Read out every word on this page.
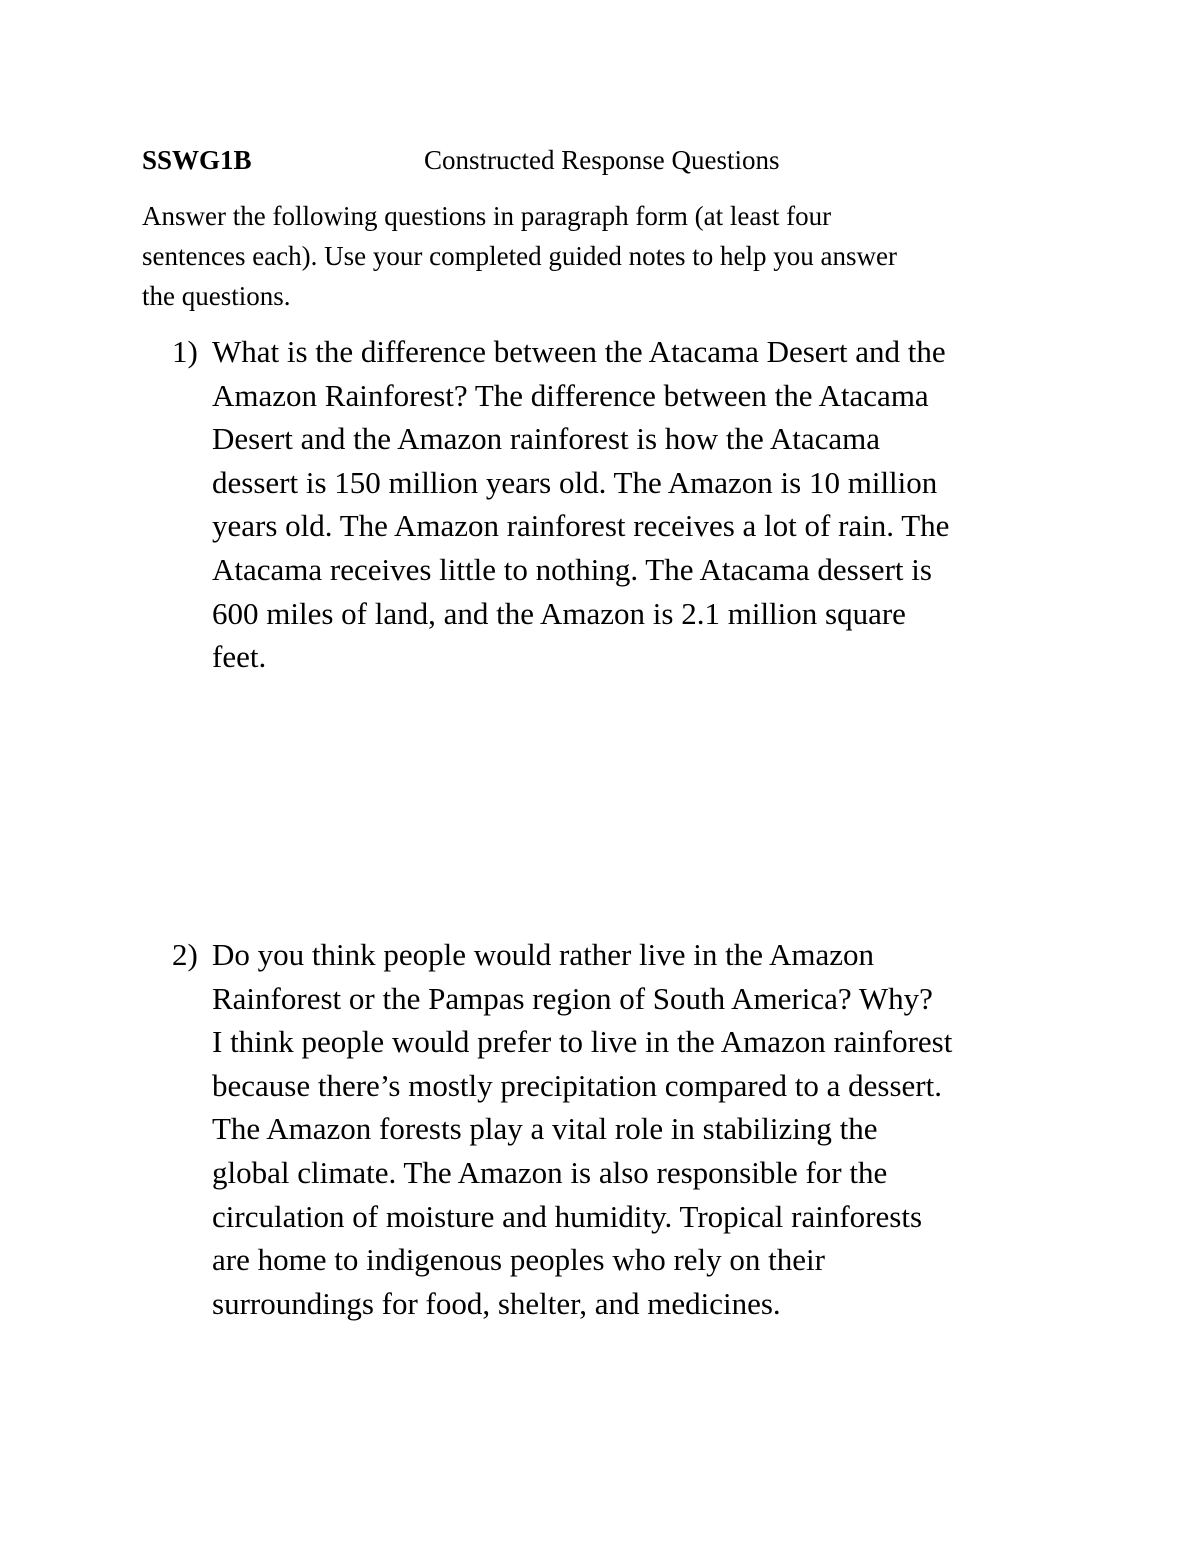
SSWG1B	Constructed Response Questions
Answer the following questions in paragraph form (at least four
sentences each). Use your completed guided notes to help you answer
the questions.
1) What is the difference between the Atacama Desert and the
Amazon Rainforest? The difference between the Atacama
Desert and the Amazon rainforest is how the Atacama
dessert is 150 million years old. The Amazon is 10 million
years old. The Amazon rainforest receives a lot of rain. The
Atacama receives little to nothing. The Atacama dessert is
600 miles of land, and the Amazon is 2.1 million square
feet.
2) Do you think people would rather live in the Amazon
Rainforest or the Pampas region of South America? Why?
I think people would prefer to live in the Amazon rainforest
because there’s mostly precipitation compared to a dessert.
The Amazon forests play a vital role in stabilizing the
global climate. The Amazon is also responsible for the
circulation of moisture and humidity. Tropical rainforests
are home to indigenous peoples who rely on their
surroundings for food, shelter, and medicines.
